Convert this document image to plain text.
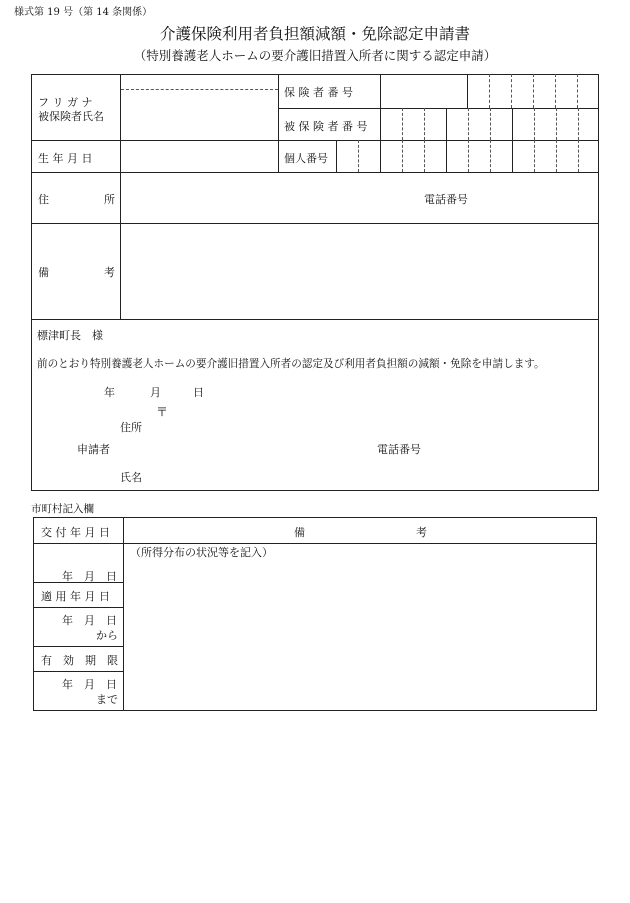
様式第 19 号（第 14 条関係）
介護保険利用者負担額減額・免除認定申請書
（特別養護老人ホームの要介護旧措置入所者に関する認定申請）
フ リ ガ ナ
被保険者氏名
保 険 者 番 号
被 保 険 者 番 号
生 年 月 日	個人番号
住	所	電話番号
備	考
標津町長　様
前のとおり特別養護老人ホームの要介護旧措置入所者の認定及び利用者負担額の減額・免除を申請します。
年	月	日
〒
住所
申請者	電話番号
氏名
市町村記入欄
交 付 年 月 日	備	考
（所得分布の状況等を記入）
年　月　日
適 用 年 月 日
年　月　日
から
有　効　期　限
年　月　日
まで
